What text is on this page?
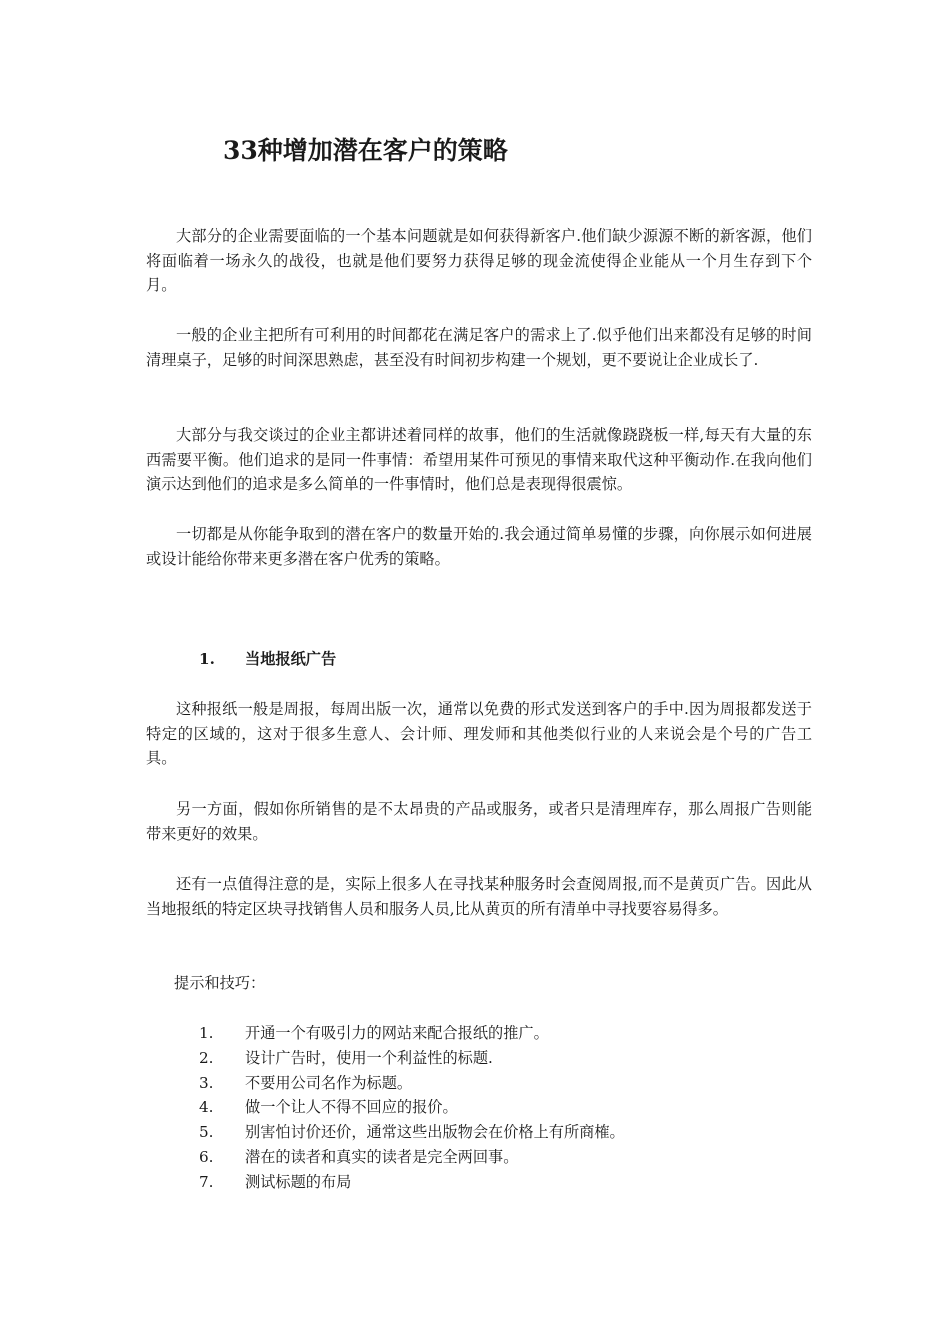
33种增加潜在客户的策略

大部分的企业需要面临的一个基本问题就是如何获得新客户.他们缺少源源不断的新客源，他们将面临着一场永久的战役，也就是他们要努力获得足够的现金流使得企业能从一个月生存到下个月。

一般的企业主把所有可利用的时间都花在满足客户的需求上了.似乎他们出来都没有足够的时间清理桌子，足够的时间深思熟虑，甚至没有时间初步构建一个规划，更不要说让企业成长了.

大部分与我交谈过的企业主都讲述着同样的故事，他们的生活就像跷跷板一样,每天有大量的东西需要平衡。他们追求的是同一件事情：希望用某件可预见的事情来取代这种平衡动作.在我向他们演示达到他们的追求是多么简单的一件事情时，他们总是表现得很震惊。

一切都是从你能争取到的潜在客户的数量开始的.我会通过简单易懂的步骤，向你展示如何进展或设计能给你带来更多潜在客户优秀的策略。

1. 当地报纸广告

这种报纸一般是周报，每周出版一次，通常以免费的形式发送到客户的手中.因为周报都发送于特定的区域的，这对于很多生意人、会计师、理发师和其他类似行业的人来说会是个号的广告工具。

另一方面，假如你所销售的是不太昂贵的产品或服务，或者只是清理库存，那么周报广告则能带来更好的效果。

还有一点值得注意的是，实际上很多人在寻找某种服务时会查阅周报,而不是黄页广告。因此从当地报纸的特定区块寻找销售人员和服务人员,比从黄页的所有清单中寻找要容易得多。

提示和技巧：
1. 开通一个有吸引力的网站来配合报纸的推广。
2. 设计广告时，使用一个利益性的标题.
3. 不要用公司名作为标题。
4. 做一个让人不得不回应的报价。
5. 别害怕讨价还价，通常这些出版物会在价格上有所商榷。
6. 潜在的读者和真实的读者是完全两回事。
7. 测试标题的布局
